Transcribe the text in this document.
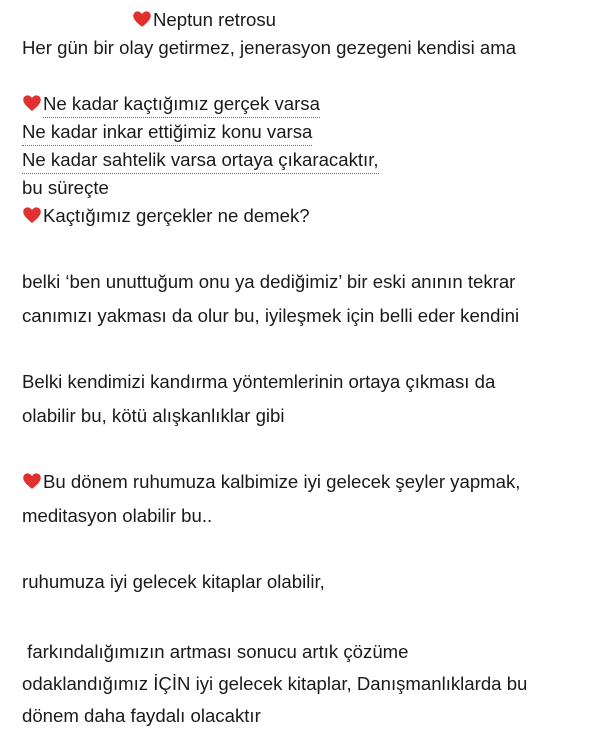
Neptun retrosu
Her gün bir olay getirmez, jenerasyon gezegeni kendisi ama
Ne kadar kaçtığımız gerçek varsa
Ne kadar inkar ettiğimiz konu varsa
Ne kadar sahtelik varsa ortaya çıkaracaktır,
bu süreçte
Kaçtığımız gerçekler ne demek?
belki ‘ben unuttuğum onu ya dediğimiz’ bir eski anının tekrar
canımızı yakması da olur bu, iyileşmek için belli eder kendini
Belki kendimizi kandırma yöntemlerinin ortaya çıkması da
olabilir bu, kötü alışkanlıklar gibi
Bu dönem ruhumuza kalbimize iyi gelecek şeyler yapmak,
meditasyon olabilir bu..
ruhumuza iyi gelecek kitaplar olabilir,
farkındalığımızın artması sonucu artık çözüme
odaklandığımız İÇİN iyi gelecek kitaplar, Danışmanlıklarda bu
dönem daha faydalı olacaktır
